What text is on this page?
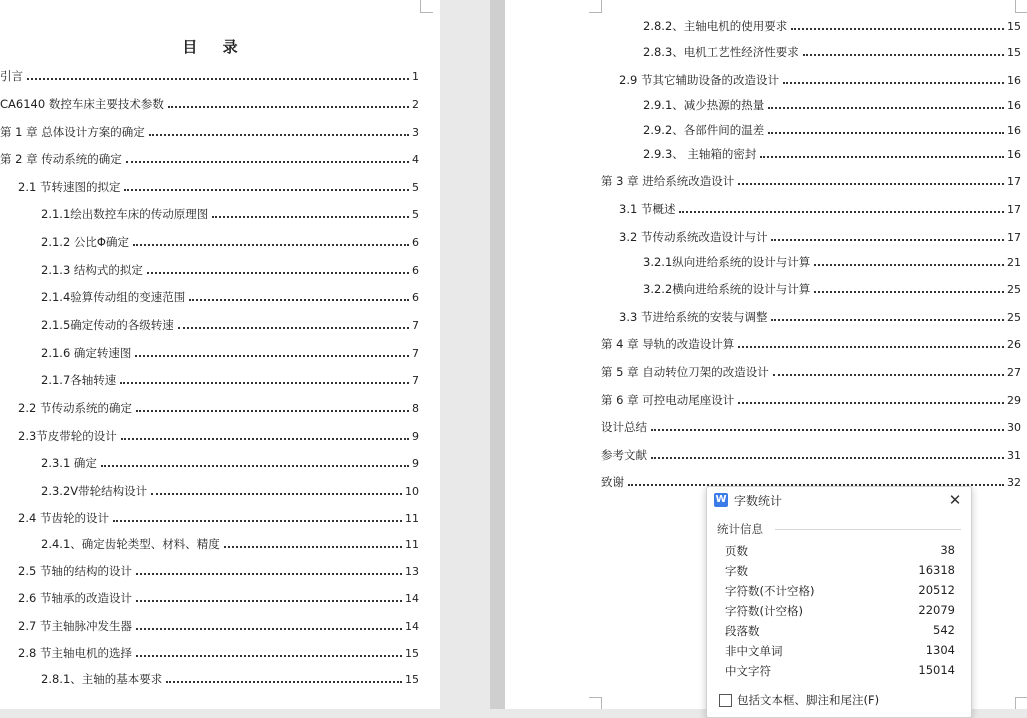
目 录
引言	1
CA6140 数控车床主要技术参数	2
第 1 章 总体设计方案的确定	3
第 2 章 传动系统的确定	4
2.1 节转速图的拟定	5
2.1.1绘出数控车床的传动原理图	5
2.1.2 公比Φ确定	6
2.1.3 结构式的拟定	6
2.1.4验算传动组的变速范围	6
2.1.5确定传动的各级转速	7
2.1.6 确定转速图	7
2.1.7各轴转速	7
2.2 节传动系统的确定	8
2.3节皮带轮的设计	9
2.3.1 确定	9
2.3.2V带轮结构设计	10
2.4 节齿轮的设计	11
2.4.1、确定齿轮类型、材料、精度	11
2.5 节轴的结构的设计	13
2.6 节轴承的改造设计	14
2.7 节主轴脉冲发生器	14
2.8 节主轴电机的选择	15
2.8.1、主轴的基本要求	15
2.8.2、主轴电机的使用要求	15
2.8.3、电机工艺性经济性要求	15
2.9 节其它辅助设备的改造设计	16
2.9.1、减少热源的热量	16
2.9.2、各部件间的温差	16
2.9.3、 主轴箱的密封	16
第 3 章 进给系统改造设计	17
3.1 节概述	17
3.2 节传动系统改造设计与计	17
3.2.1纵向进给系统的设计与计算	21
3.2.2横向进给系统的设计与计算	25
3.3 节进给系统的安装与调整	25
第 4 章 导轨的改造设计算	26
第 5 章 自动转位刀架的改造设计	27
第 6 章 可控电动尾座设计	29
设计总结	30
参考文献	31
致谢	32
W 字数统计	✕
统计信息
页数	38
字数	16318
字符数(不计空格)	20512
字符数(计空格)	22079
段落数	542
非中文单词	1304
中文字符	15014
包括文本框、脚注和尾注(F)
